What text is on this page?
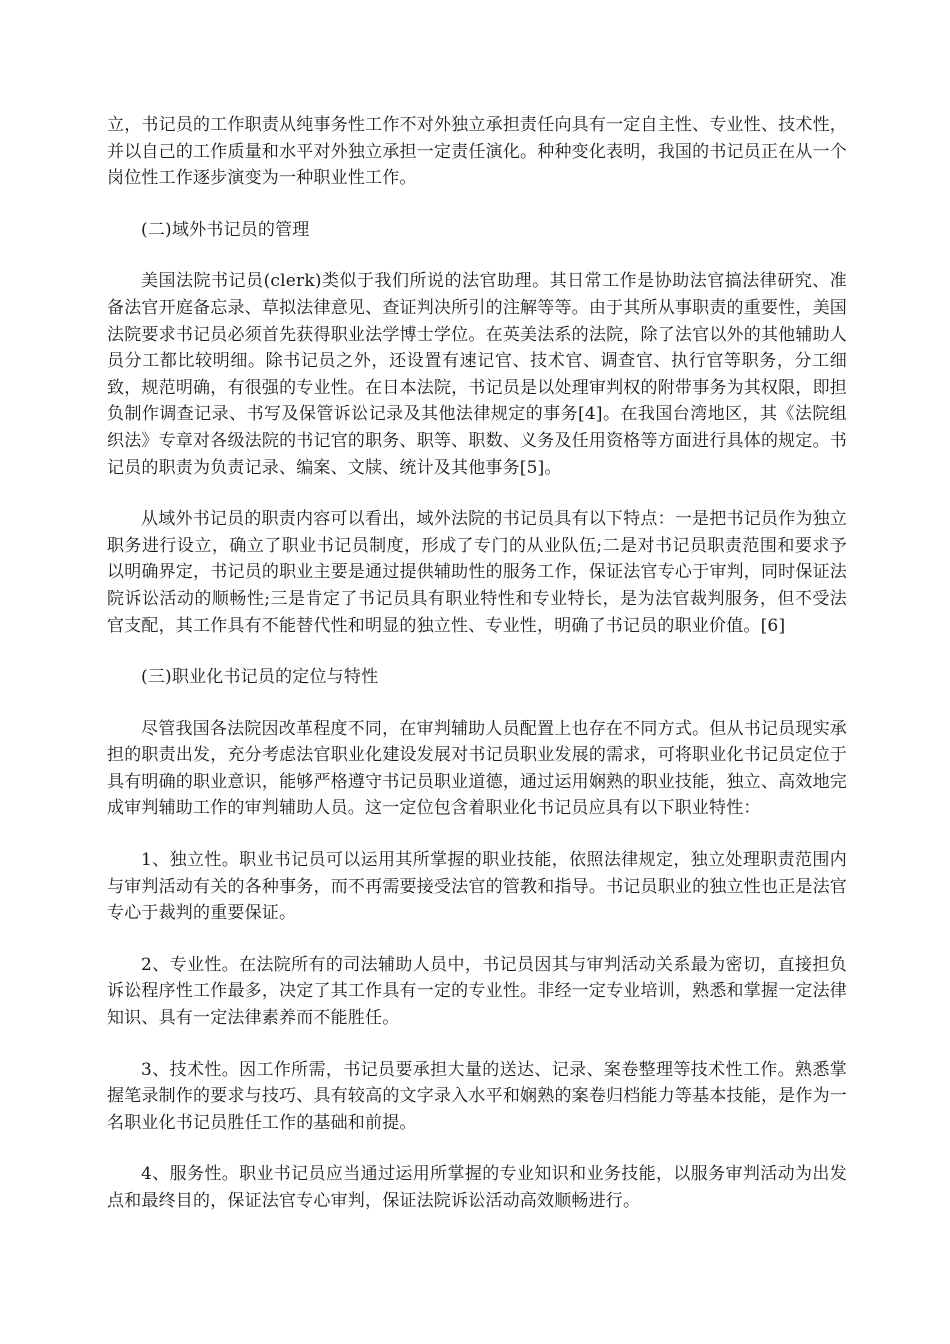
立，书记员的工作职责从纯事务性工作不对外独立承担责任向具有一定自主性、专业性、技术性，并以自己的工作质量和水平对外独立承担一定责任演化。种种变化表明，我国的书记员正在从一个岗位性工作逐步演变为一种职业性工作。

(二)域外书记员的管理

美国法院书记员(clerk)类似于我们所说的法官助理。其日常工作是协助法官搞法律研究、准备法官开庭备忘录、草拟法律意见、查证判决所引的注解等等。由于其所从事职责的重要性，美国法院要求书记员必须首先获得职业法学博士学位。在英美法系的法院，除了法官以外的其他辅助人员分工都比较明细。除书记员之外，还设置有速记官、技术官、调查官、执行官等职务，分工细致，规范明确，有很强的专业性。在日本法院，书记员是以处理审判权的附带事务为其权限，即担负制作调查记录、书写及保管诉讼记录及其他法律规定的事务[4]。在我国台湾地区，其《法院组织法》专章对各级法院的书记官的职务、职等、职数、义务及任用资格等方面进行具体的规定。书记员的职责为负责记录、编案、文牍、统计及其他事务[5]。

从域外书记员的职责内容可以看出，域外法院的书记员具有以下特点：一是把书记员作为独立职务进行设立，确立了职业书记员制度，形成了专门的从业队伍;二是对书记员职责范围和要求予以明确界定，书记员的职业主要是通过提供辅助性的服务工作，保证法官专心于审判，同时保证法院诉讼活动的顺畅性;三是肯定了书记员具有职业特性和专业特长，是为法官裁判服务，但不受法官支配，其工作具有不能替代性和明显的独立性、专业性，明确了书记员的职业价值。[6]

(三)职业化书记员的定位与特性

尽管我国各法院因改革程度不同，在审判辅助人员配置上也存在不同方式。但从书记员现实承担的职责出发，充分考虑法官职业化建设发展对书记员职业发展的需求，可将职业化书记员定位于具有明确的职业意识，能够严格遵守书记员职业道德，通过运用娴熟的职业技能，独立、高效地完成审判辅助工作的审判辅助人员。这一定位包含着职业化书记员应具有以下职业特性：

1、独立性。职业书记员可以运用其所掌握的职业技能，依照法律规定，独立处理职责范围内与审判活动有关的各种事务，而不再需要接受法官的管教和指导。书记员职业的独立性也正是法官专心于裁判的重要保证。

2、专业性。在法院所有的司法辅助人员中，书记员因其与审判活动关系最为密切，直接担负诉讼程序性工作最多，决定了其工作具有一定的专业性。非经一定专业培训，熟悉和掌握一定法律知识、具有一定法律素养而不能胜任。

3、技术性。因工作所需，书记员要承担大量的送达、记录、案卷整理等技术性工作。熟悉掌握笔录制作的要求与技巧、具有较高的文字录入水平和娴熟的案卷归档能力等基本技能，是作为一名职业化书记员胜任工作的基础和前提。

4、服务性。职业书记员应当通过运用所掌握的专业知识和业务技能，以服务审判活动为出发点和最终目的，保证法官专心审判，保证法院诉讼活动高效顺畅进行。
